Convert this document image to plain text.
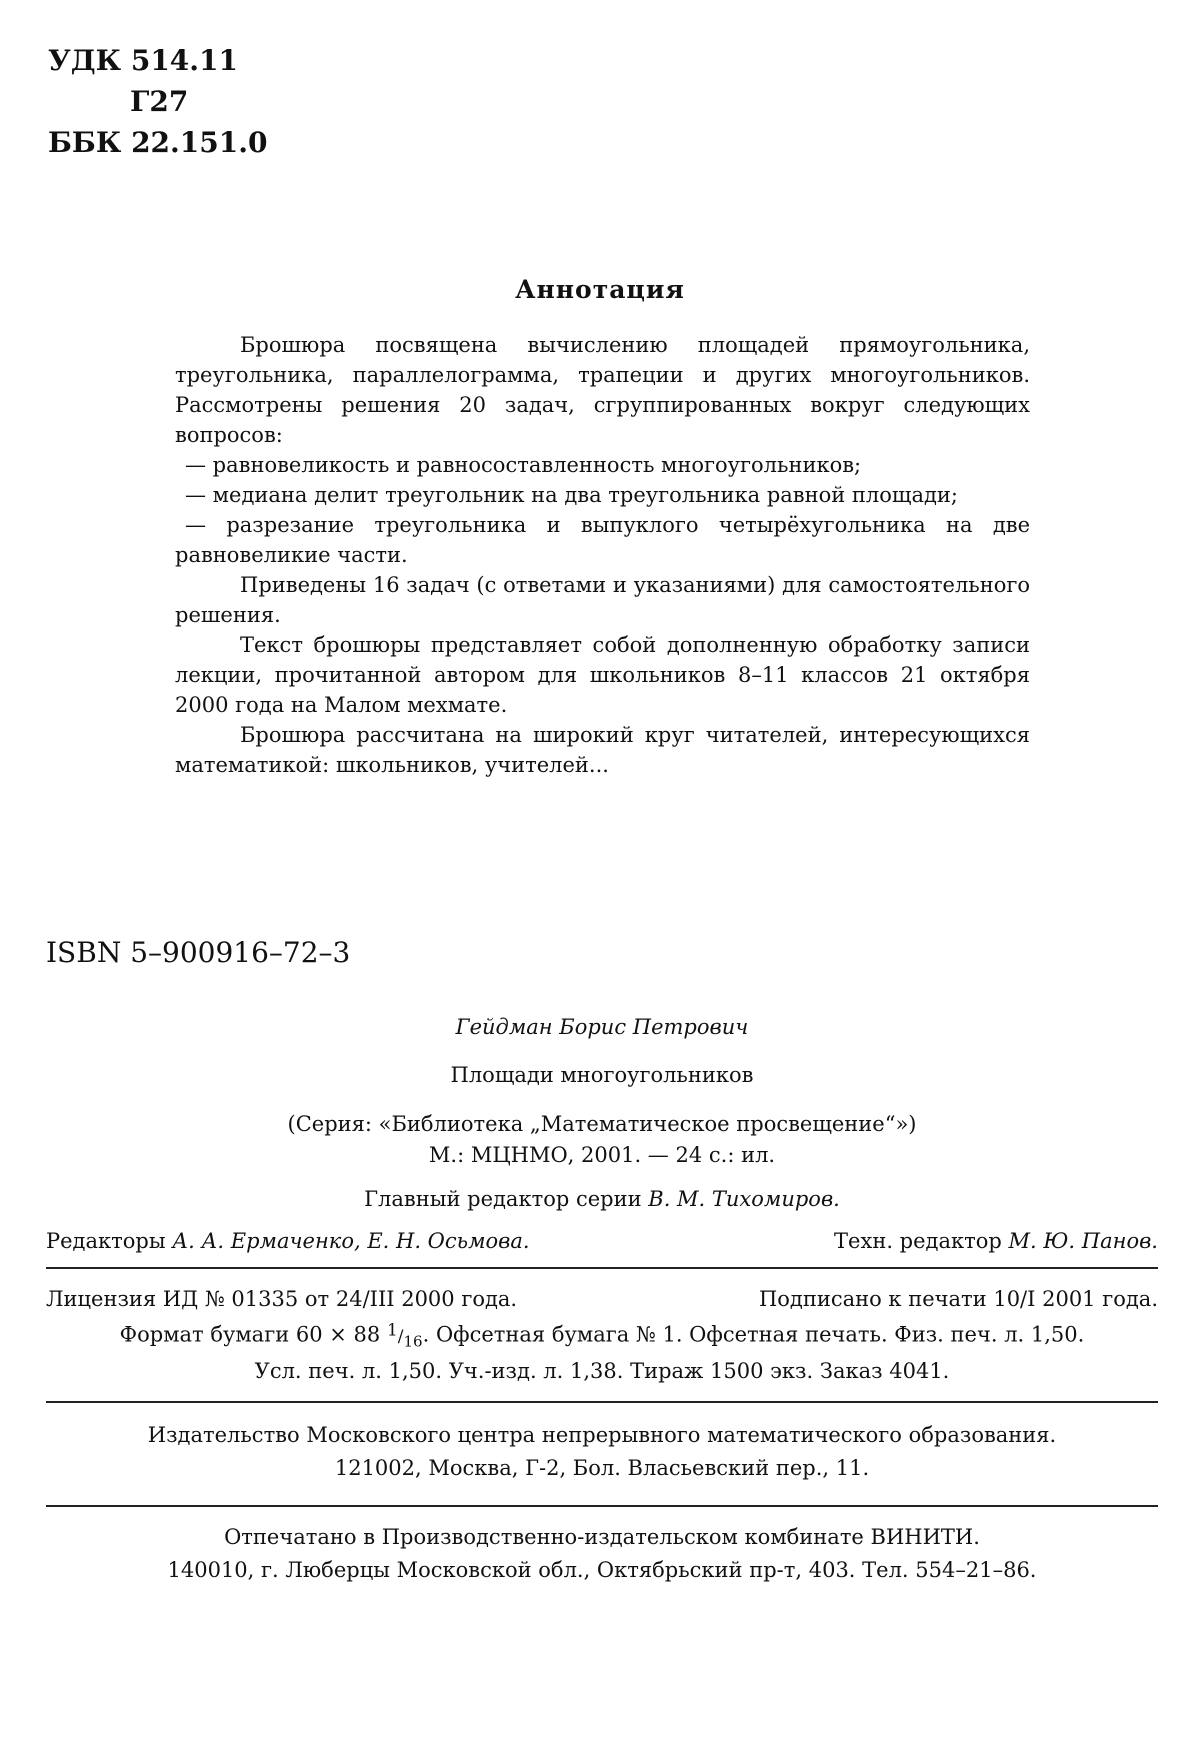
УДК 514.11
Г27
ББК 22.151.0
Аннотация

Брошюра посвящена вычислению площадей прямоугольника, треугольника, параллелограмма, трапеции и других многоугольников. Рассмотрены решения 20 задач, сгруппированных вокруг следующих вопросов:

— равновеликость и равносоставленность многоугольников;

— медиана делит треугольник на два треугольника равной площади;

— разрезание треугольника и выпуклого четырёхугольника на две равновеликие части.

Приведены 16 задач (с ответами и указаниями) для самостоятельного решения.

Текст брошюры представляет собой дополненную обработку записи лекции, прочитанной автором для школьников 8–11 классов 21 октября 2000 года на Малом мехмате.

Брошюра рассчитана на широкий круг читателей, интересующихся математикой: школьников, учителей...

ISBN 5–900916–72–3

Гейдман Борис Петрович

Площади многоугольников

(Серия: «Библиотека „Математическое просвещение“»)

М.: МЦНМО, 2001. — 24 с.: ил.

Главный редактор серии В. М. Тихомиров.

Редакторы А. А. Ермаченко, Е. Н. Осьмова.	Техн. редактор М. Ю. Панов.
Лицензия ИД № 01335 от 24/III 2000 года.	Подписано к печати 10/I 2001 года.
Формат бумаги 60 × 88 $^1/_{16}$. Офсетная бумага № 1. Офсетная печать. Физ. печ. л. 1,50.
Усл. печ. л. 1,50. Уч.-изд. л. 1,38. Тираж 1500 экз. Заказ 4041.
Издательство Московского центра непрерывного математического образования.
121002, Москва, Г-2, Бол. Власьевский пер., 11.
Отпечатано в Производственно-издательском комбинате ВИНИТИ.
140010, г. Люберцы Московской обл., Октябрьский пр-т, 403. Тел. 554–21–86.
